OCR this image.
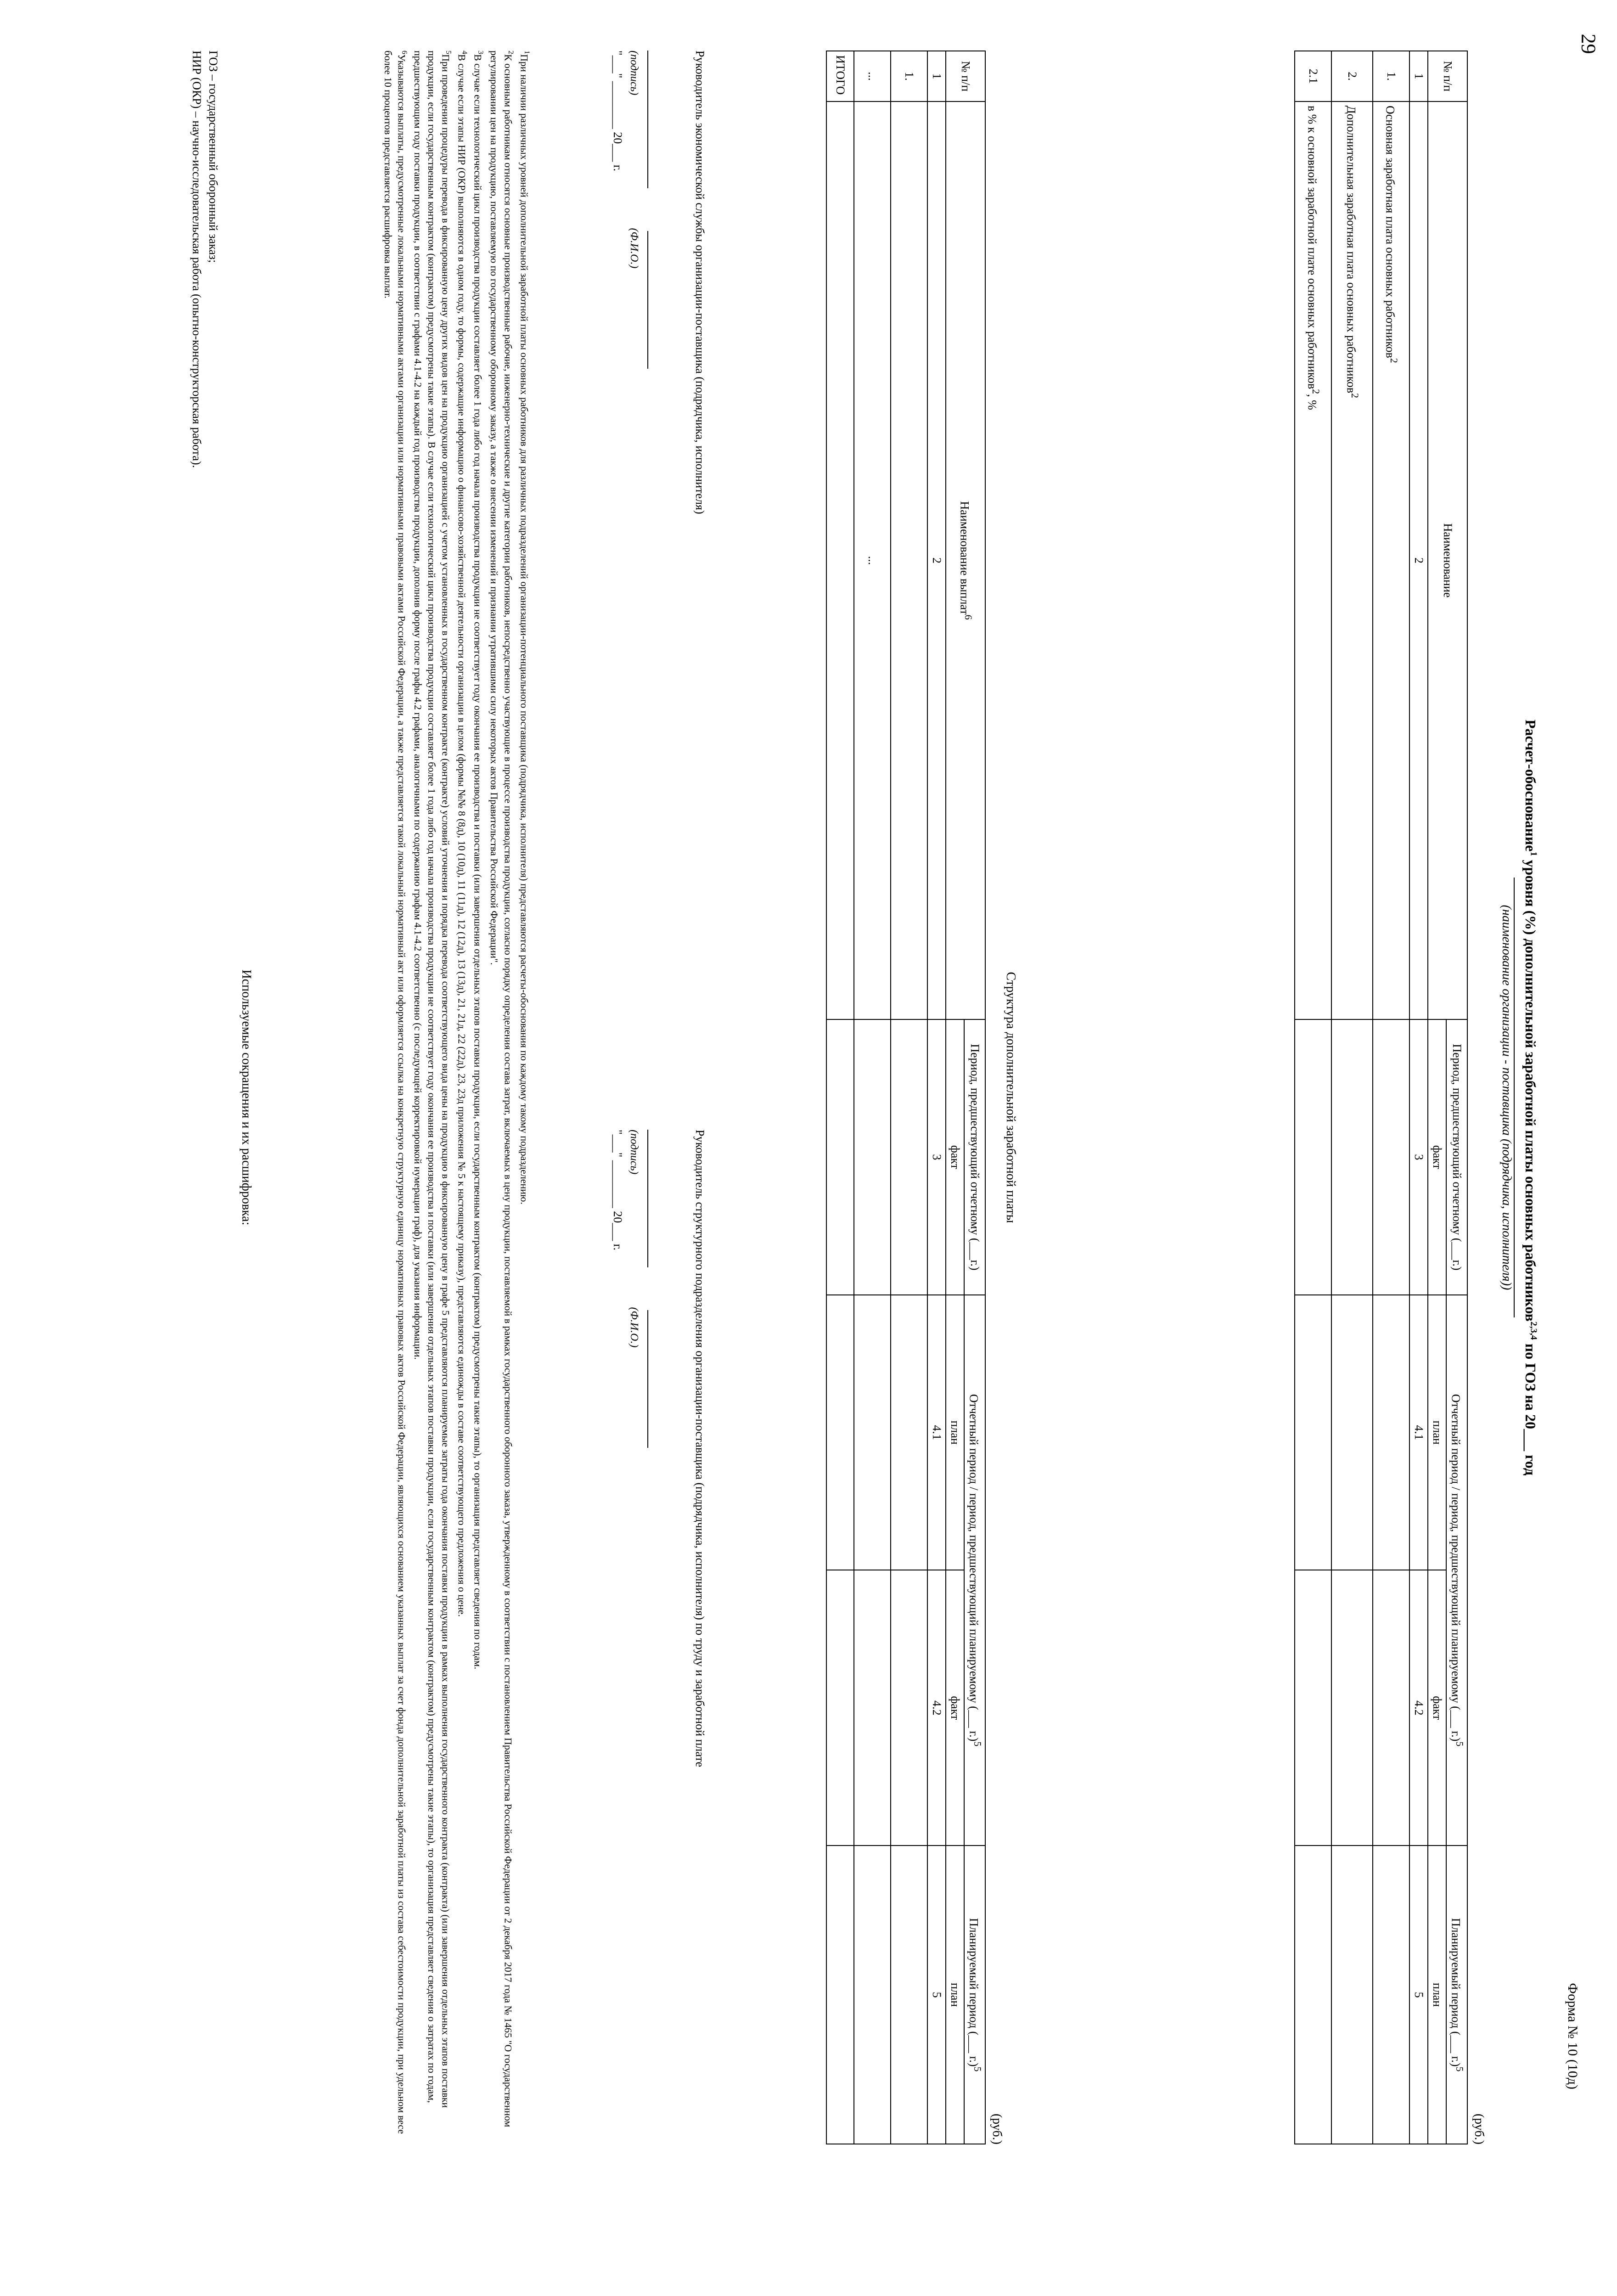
29
Форма № 10 (10д)
Расчет-обоснование$^1$ уровня (%) дополнительной заработной платы основных работников$^{2,3,4}$ по ГОЗ на 20___ год
(наименование организации - поставщика (подрядчика, исполнителя))
(руб.)
№ п/п	Наименование	Период, предшествующий отчетному (___г.)	Отчетный период / период, предшествующий планируемому (___ г.)$^5$		Планируемый период (___ г.)$^5$
		факт	план	факт	план
1	2	3	4.1	4.2	5
1.	Основная заработная плата основных работников$^2$				
2.	Дополнительная заработная плата основных работников$^2$				
2.1	в % к основной заработной плате основных работников$^2$, %				
Структура дополнительной заработной платы
(руб.)
№ п/п	Наименование выплат$^6$	Период, предшествующий отчетному (___г.)	Отчетный период / период, предшествующий планируемому (___ г.)$^5$		Планируемый период (___ г.)$^5$
		факт	план	факт	план
1	2	3	4.1	4.2	5
1.					
...	...				
ИТОГО					
Руководитель экономической службы организации-поставщика (подрядчика, исполнителя)

(подпись) (Ф.И.О.)
"___" ________ 20___ г.
Руководитель структурного подразделения организации-поставщика (подрядчика, исполнителя) по труду и заработной плате

(подпись) (Ф.И.О.)
"___" ________ 20___ г.

$^1$При наличии различных уровней дополнительной заработной платы основных работников для различных подразделений организации-потенциального поставщика (подрядчика, исполнителя) представляются расчеты-обоснования по каждому такому подразделению.

$^2$К основным работникам относятся основные производственные рабочие, инженерно-технические и другие категории работников, непосредственно участвующие в процессе производства продукции, согласно порядку определения состава затрат, включаемых в цену продукции, поставляемой в рамках государственного оборонного заказа, утвержденному в соответствии с постановлением Правительства Российской Федерации от 2 декабря 2017 года № 1465 "О государственном регулировании цен на продукцию, поставляемую по государственному оборонному заказу, а также о внесении изменений и признании утратившими силу некоторых актов Правительства Российской Федерации".

$^3$В случае если технологический цикл производства продукции составляет более 1 года либо год начала производства продукции не соответствует году окончания ее производства и поставки (или завершения отдельных этапов поставки продукции, если государственным контрактом (контрактом) предусмотрены такие этапы), то организация представляет сведения по годам.

$^4$В случае если этапы НИР (ОКР) выполняются в одном году, то формы, содержащие информацию о финансово-хозяйственной деятельности организации в целом (формы №№ 8 (8д), 10 (10д), 11 (11д), 12 (12д), 13 (13д), 21, 21д, 22 (22д), 23, 23д приложения № 5 к настоящему приказу), представляются единожды в составе соответствующего предложения о цене.

$^5$При проведении процедуры перевода в фиксированную цену других видов цен на продукцию организацией с учетом установленных в государственном контракте (контракте) условий уточнения и порядка перевода соответствующего вида цены на продукцию в фиксированную цену в графе 5 представляются планируемые затраты года окончания поставки продукции в рамках выполнения государственного контракта (контракта) (или завершения отдельных этапов поставки продукции, если государственным контрактом (контрактом) предусмотрены такие этапы). В случае если технологический цикл производства продукции составляет более 1 года либо год начала производства продукции не соответствует году окончания ее производства и поставки (или завершения отдельных этапов поставки продукции, если государственным контрактом (контрактом) предусмотрены такие этапы), то организация представляет сведения о затратах по годам, предшествующим году поставки продукции, в соответствии с графами 4.1-4.2 на каждый год производства продукции, дополнив форму после графы 4.2 графами, аналогичными по содержанию графам 4.1-4.2 соответственно (с последующей корректировкой нумерации граф), для указания информации.

$^6$Указываются выплаты, предусмотренные локальными нормативными актами организации или нормативными правовыми актами Российской Федерации, а также представляется такой локальный нормативный акт или оформляется ссылка на конкретную структурную единицу нормативных правовых актов Российской Федерации, являющихся основанием указанных выплат за счет фонда дополнительной заработной платы из состава себестоимости продукции, при удельном весе более 10 процентов представляется расшифровка выплат.

Используемые сокращения и их расшифровка:
ГОЗ – государственный оборонный заказ;
НИР (ОКР) – научно-исследовательская работа (опытно-конструкторская работа).
